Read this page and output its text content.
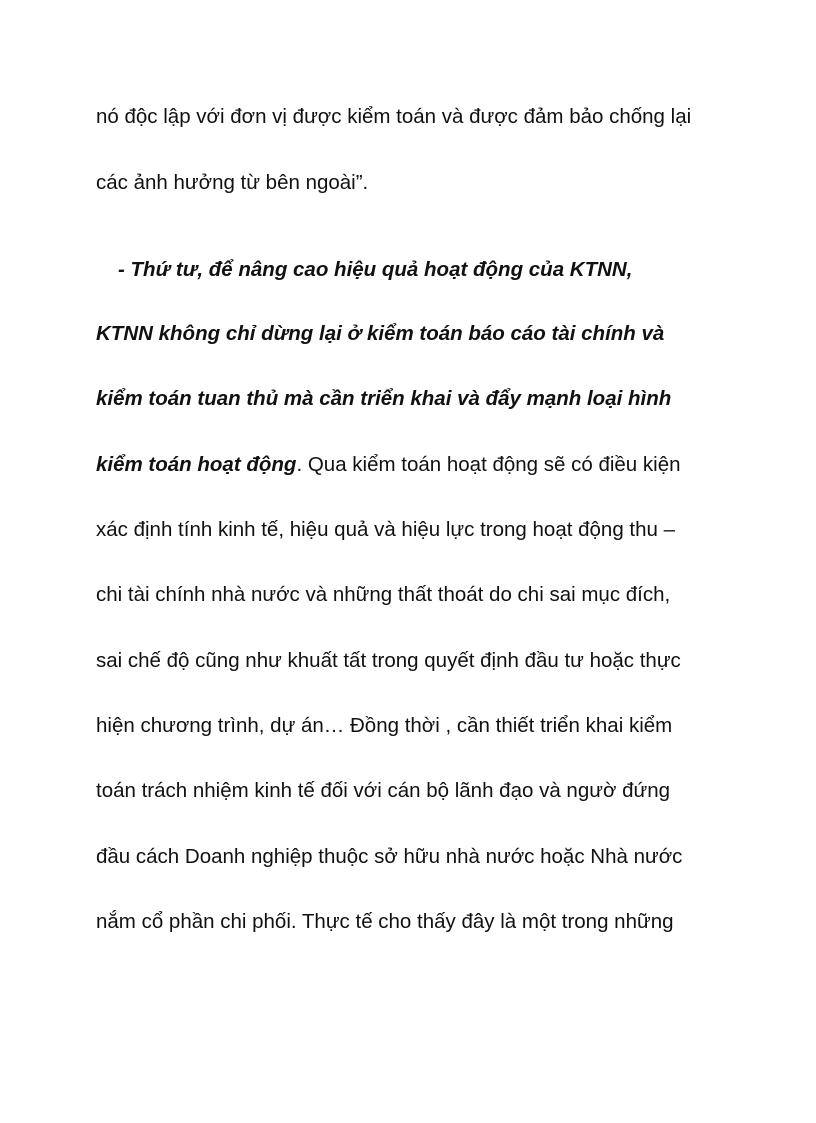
nó độc lập với đơn vị được kiểm toán và được đảm bảo chống lại
các ảnh hưởng từ bên ngoài”.
- Thứ tư, để nâng cao hiệu quả hoạt động của KTNN,
KTNN không chỉ dừng lại ở kiểm toán báo cáo tài chính và
kiểm toán tuan thủ mà cần triển khai và đẩy mạnh loại hình
kiểm toán hoạt động. Qua kiểm toán hoạt động sẽ có điều kiện
xác định tính kinh tế, hiệu quả và hiệu lực trong hoạt động thu –
chi tài chính nhà nước và những thất thoát do chi sai mục đích,
sai chế độ cũng như khuất tất trong quyết định đầu tư hoặc thực
hiện chương trình, dự án… Đồng thời , cần thiết triển khai kiểm
toán trách nhiệm kinh tế đối với cán bộ lãnh đạo và ngườ đứng
đầu cách Doanh nghiệp thuộc sở hữu nhà nước hoặc Nhà nước
nắm cổ phần chi phối. Thực tế cho thấy đây là một trong những
